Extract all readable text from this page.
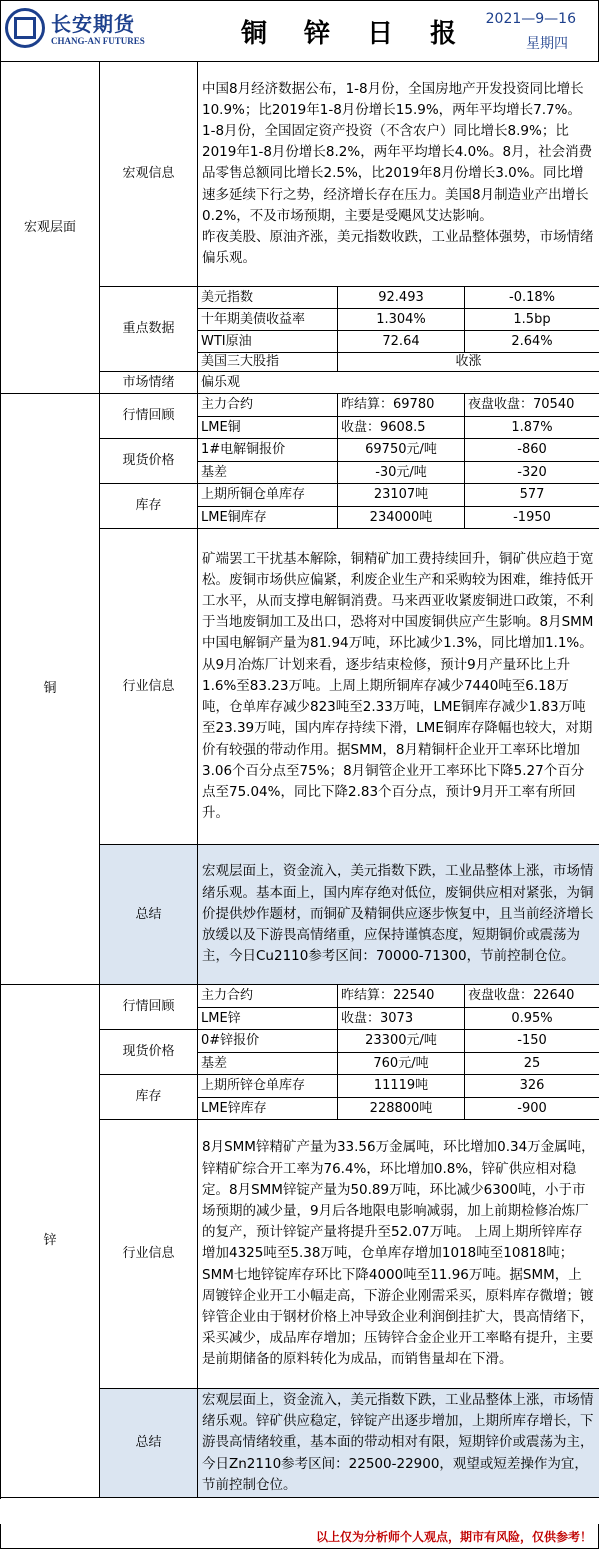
长安期货
CHANG-AN FUTURES	铜 锌 日 报 2021—9—16
星期四
宏观层面	宏观信息	中国8月经济数据公布，1-8月份，全国房地产开发投资同比增长10.9%；比2019年1-8月份增长15.9%，两年平均增长7.7%。 1-8月份，全国固定资产投资（不含农户）同比增长8.9%；比2019年1-8月份增长8.2%，两年平均增长4.0%。8月，社会消费品零售总额同比增长2.5%，比2019年8月份增长3.0%。同比增速多延续下行之势，经济增长存在压力。美国8月制造业产出增长0.2%，不及市场预期，主要是受飓风艾达影响。
昨夜美股、原油齐涨，美元指数收跌，工业品整体强势，市场情绪偏乐观。		
	重点数据	美元指数	92.493	-0.18%
		十年期美债收益率	1.304%	1.5bp
		WTI原油	72.64	2.64%
		美国三大股指	收涨	
	市场情绪	偏乐观		

铜	行情回顾	主力合约	昨结算：69780	夜盘收盘：70540
		LME铜	收盘：9608.5	1.87%
	现货价格	1#电解铜报价	69750元/吨	-860
		基差	-30元/吨	-320
	库存	上期所铜仓单库存	23107吨	577
		LME铜库存	234000吨	-1950
	行业信息	矿端罢工干扰基本解除，铜精矿加工费持续回升，铜矿供应趋于宽松。废铜市场供应偏紧，利废企业生产和采购较为困难，维持低开工水平，从而支撑电解铜消费。马来西亚收紧废铜进口政策，不利于当地废铜加工及出口，恐将对中国废铜供应产生影响。8月SMM中国电解铜产量为81.94万吨，环比减少1.3%，同比增加1.1%。从9月冶炼厂计划来看，逐步结束检修，预计9月产量环比上升1.6%至83.23万吨。上周上期所铜库存减少7440吨至6.18万吨，仓单库存减少823吨至2.33万吨，LME铜库存减少1.83万吨至23.39万吨，国内库存持续下滑，LME铜库存降幅也较大，对期价有较强的带动作用。据SMM，8月精铜杆企业开工率环比增加3.06个百分点至75%；8月铜管企业开工率环比下降5.27个百分点至75.04%，同比下降2.83个百分点，预计9月开工率有所回升。		
	总结	宏观层面上，资金流入，美元指数下跌，工业品整体上涨，市场情绪乐观。基本面上，国内库存绝对低位，废铜供应相对紧张，为铜价提供炒作题材，而铜矿及精铜供应逐步恢复中，且当前经济增长放缓以及下游畏高情绪重，应保持谨慎态度，短期铜价或震荡为主，今日Cu2110参考区间：70000-71300，节前控制仓位。		

锌	行情回顾	主力合约	昨结算：22540	夜盘收盘：22640
		LME锌	收盘：3073	0.95%
	现货价格	0#锌报价	23300元/吨	-150
		基差	760元/吨	25
	库存	上期所锌仓单库存	11119吨	326
		LME锌库存	228800吨	-900
	行业信息	8月SMM锌精矿产量为33.56万金属吨，环比增加0.34万金属吨，锌精矿综合开工率为76.4%，环比增加0.8%，锌矿供应相对稳定。8月SMM锌锭产量为50.89万吨，环比减少6300吨，小于市场预期的减少量，9月后各地限电影响减弱，加上前期检修冶炼厂的复产，预计锌锭产量将提升至52.07万吨。 上周上期所锌库存增加4325吨至5.38万吨，仓单库存增加1018吨至10818吨；SMM七地锌锭库存环比下降4000吨至11.96万吨。据SMM，上周镀锌企业开工小幅走高，下游企业刚需采买，原料库存微增；镀锌管企业由于钢材价格上冲导致企业利润倒挂扩大，畏高情绪下，采买减少，成品库存增加；压铸锌合金企业开工率略有提升，主要是前期储备的原料转化为成品，而销售量却在下滑。		
	总结	宏观层面上，资金流入，美元指数下跌，工业品整体上涨，市场情绪乐观。锌矿供应稳定，锌锭产出逐步增加，上期所库存增长，下游畏高情绪较重，基本面的带动相对有限，短期锌价或震荡为主，今日Zn2110参考区间：22500-22900，观望或短差操作为宜，节前控制仓位。		

以上仅为分析师个人观点，期市有风险，仅供参考！
